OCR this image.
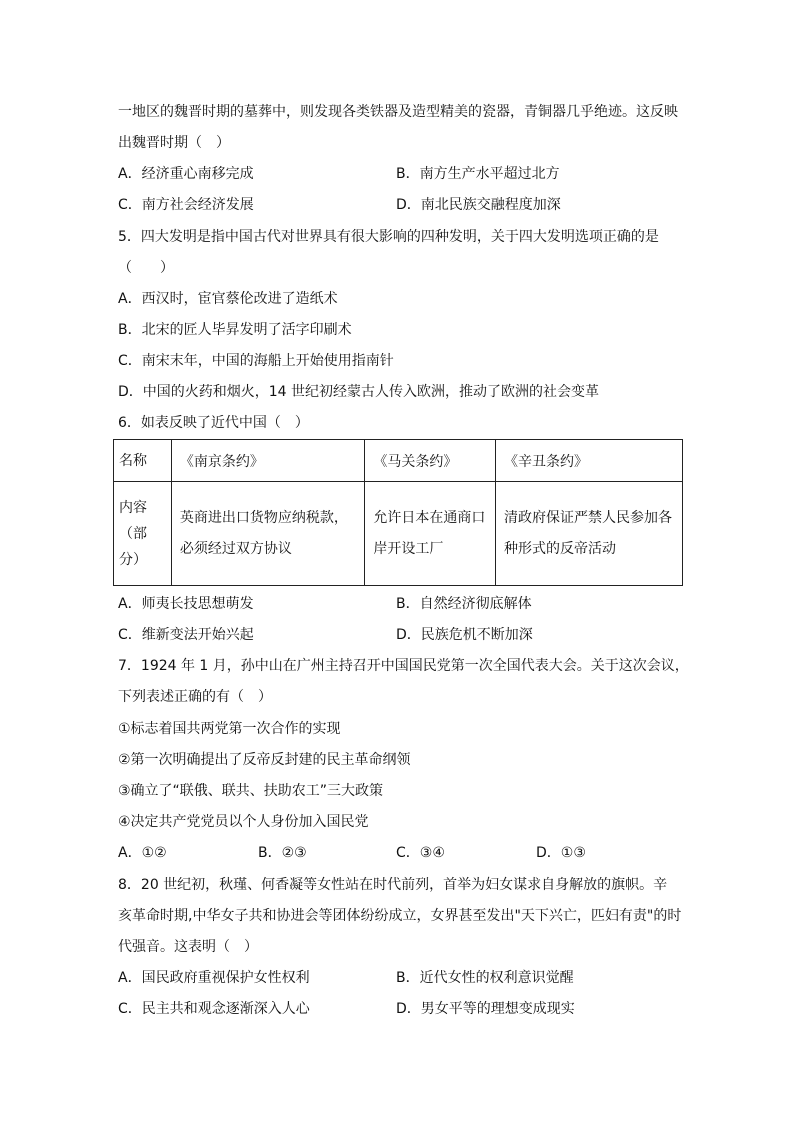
一地区的魏晋时期的墓葬中，则发现各类铁器及造型精美的瓷器，青铜器几乎绝迹。这反映
出魏晋时期（　）
A．经济重心南移完成	B．南方生产水平超过北方
C．南方社会经济发展	D．南北民族交融程度加深
5．四大发明是指中国古代对世界具有很大影响的四种发明，关于四大发明选项正确的是
（　　）
A．西汉时，宦官蔡伦改进了造纸术
B．北宋的匠人毕昇发明了活字印刷术
C．南宋末年，中国的海船上开始使用指南针
D．中国的火药和烟火，14 世纪初经蒙古人传入欧洲，推动了欧洲的社会变革
6．如表反映了近代中国（　）
名称	《南京条约》	《马关条约》	《辛丑条约》
内容（部分）	英商进出口货物应纳税款，必须经过双方协议	允许日本在通商口岸开设工厂	清政府保证严禁人民参加各种形式的反帝活动
A．师夷长技思想萌发	B．自然经济彻底解体
C．维新变法开始兴起	D．民族危机不断加深
7．1924 年 1 月，孙中山在广州主持召开中国国民党第一次全国代表大会。关于这次会议，
下列表述正确的有（　）
①标志着国共两党第一次合作的实现
②第一次明确提出了反帝反封建的民主革命纲领
③确立了“联俄、联共、扶助农工”三大政策
④决定共产党党员以个人身份加入国民党
A．①②	B．②③	C．③④	D．①③
8．20 世纪初，秋瑾、何香凝等女性站在时代前列，首举为妇女谋求自身解放的旗帜。辛
亥革命时期,中华女子共和协进会等团体纷纷成立，女界甚至发出"天下兴亡，匹妇有责"的时
代强音。这表明（　）
A．国民政府重视保护女性权利	B．近代女性的权利意识觉醒
C．民主共和观念逐渐深入人心	D．男女平等的理想变成现实
